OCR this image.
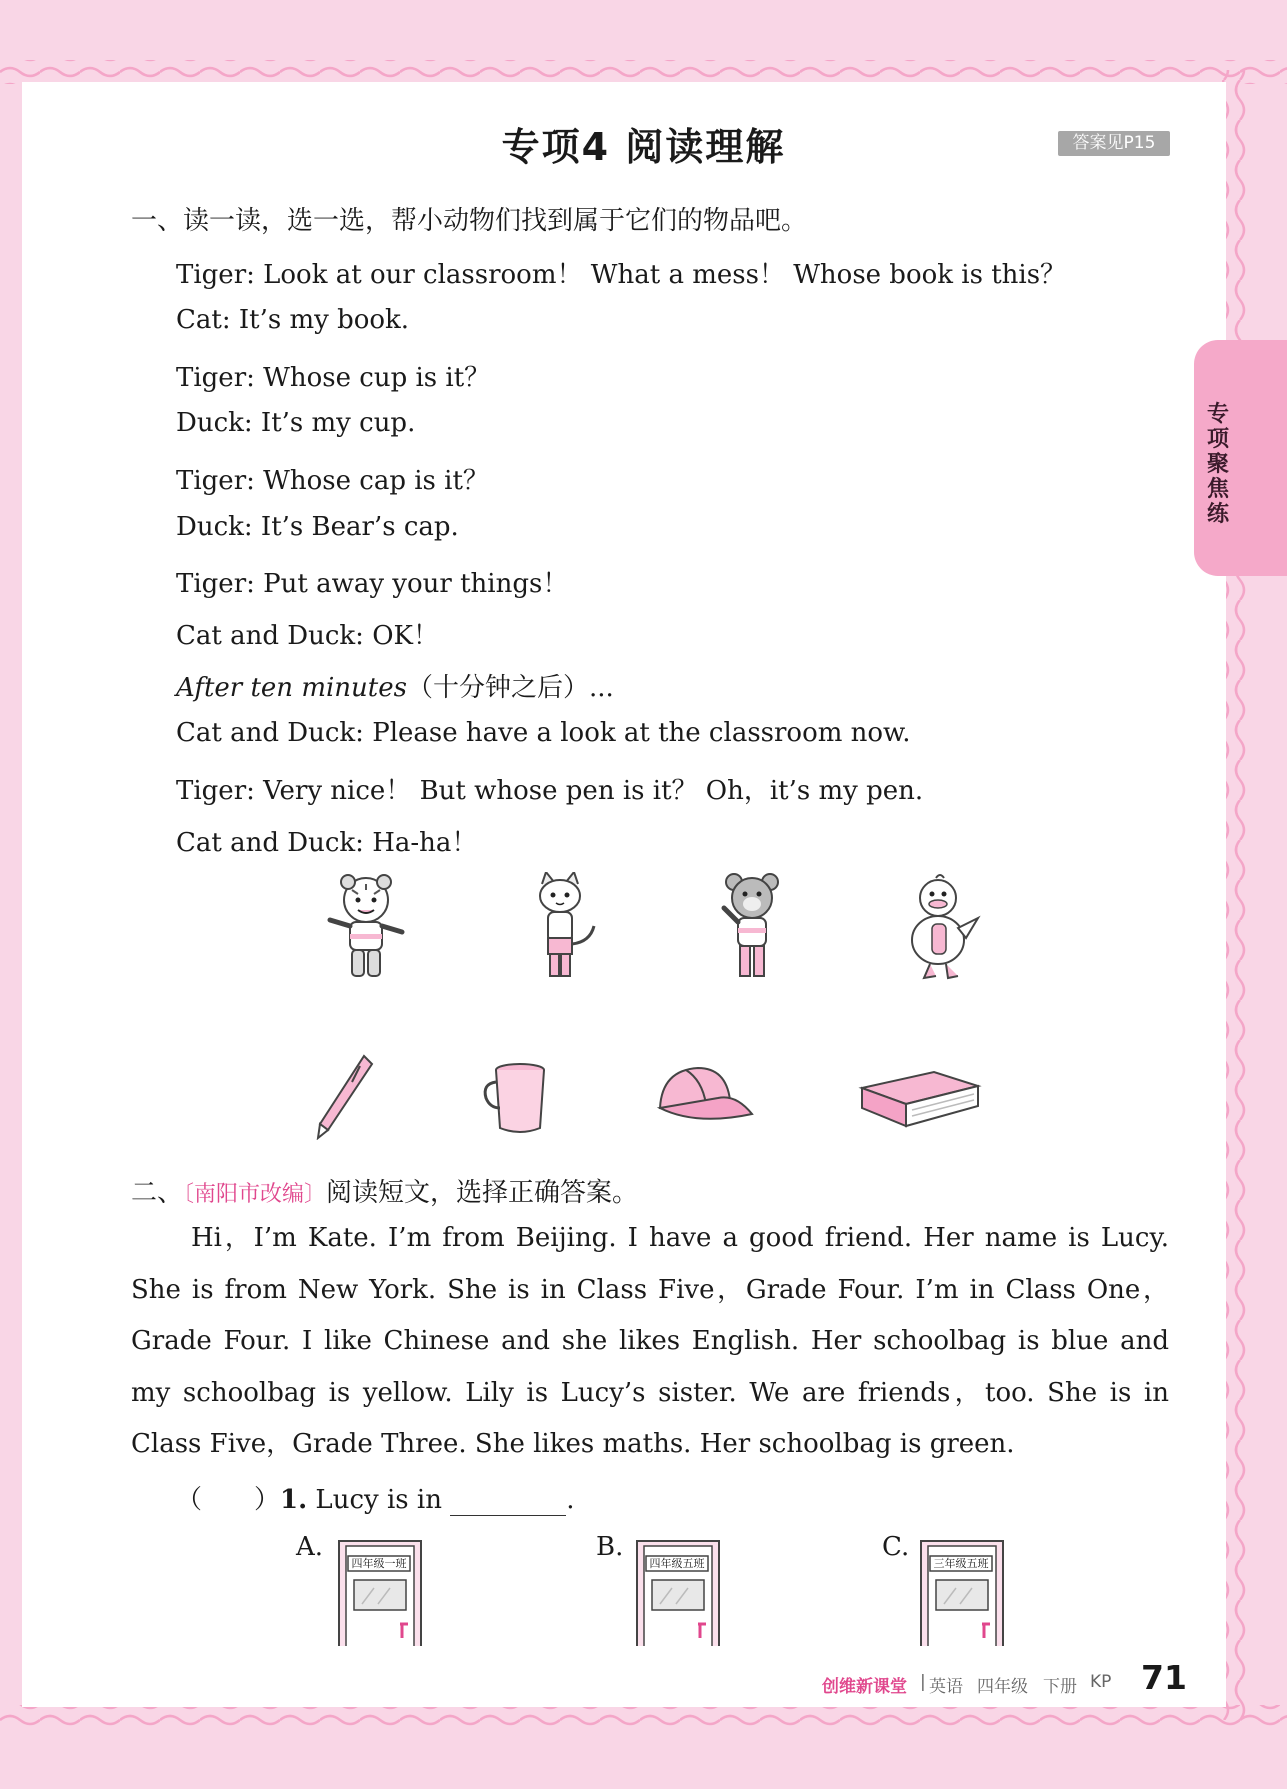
专项4 阅读理解	答案见P15
专项聚焦练
一、读一读，选一选，帮小动物们找到属于它们的物品吧。
Tiger: Look at our classroom！ What a mess！ Whose book is this？
Cat: It’s my book.
Tiger: Whose cup is it？
Duck: It’s my cup.
Tiger: Whose cap is it？
Duck: It’s Bear’s cap.
Tiger: Put away your things！
Cat and Duck: OK！
After ten minutes（十分钟之后）...
Cat and Duck: Please have a look at the classroom now.
Tiger: Very nice！ But whose pen is it？ Oh，it’s my pen.
Cat and Duck: Ha-ha！
二、〔南阳市改编〕阅读短文，选择正确答案。
Hi，I’m Kate. I’m from Beijing. I have a good friend. Her name is Lucy. She is from New York. She is in Class Five，Grade Four. I’m in Class One，Grade Four. I like Chinese and she likes English. Her schoolbag is blue and my schoolbag is yellow. Lily is Lucy’s sister. We are friends，too. She is in Class Five，Grade Three. She likes maths. Her schoolbag is green.
（　　）1. Lucy is in	.
A.	B.	C.
四年级一班	四年级五班	三年级五班
创维新课堂 | 英语 四年级 下册 KP 71
